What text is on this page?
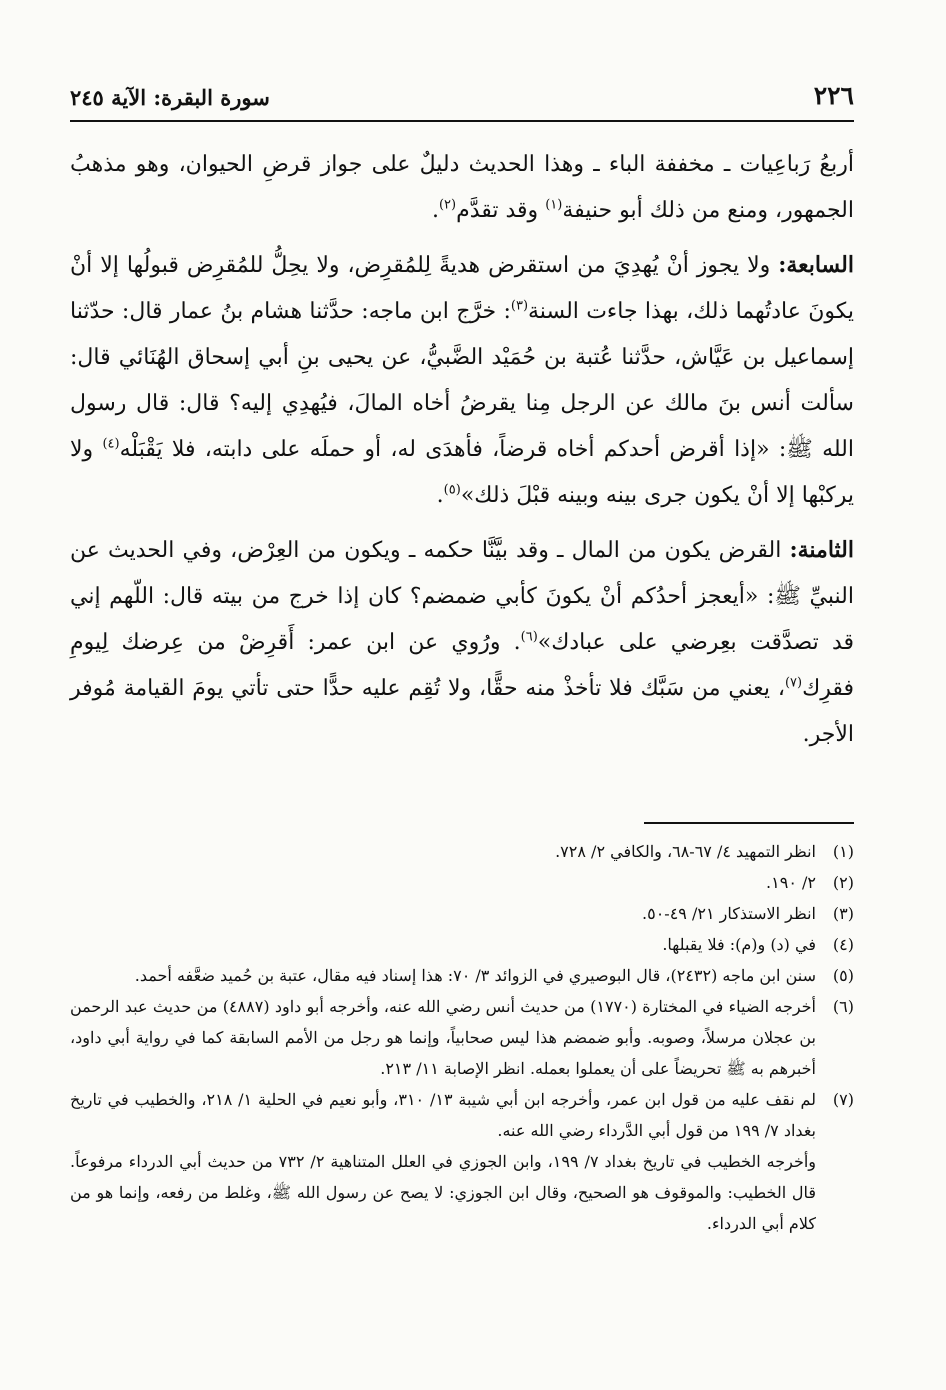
٢٢٦
سورة البقرة: الآية ٢٤٥

أربعُ رَباعِيات ـ مخففة الباء ـ وهذا الحديث دليلٌ على جواز قرضِ الحيوان، وهو مذهبُ الجمهور، ومنع من ذلك أبو حنيفة$^{(١)}$ وقد تقدَّم$^{(٢)}$.

السابعة: ولا يجوز أنْ يُهدِيَ من استقرض هديةً لِلمُقرِض، ولا يحِلُّ للمُقرِض قبولُها إلا أنْ يكونَ عادتُهما ذلك، بهذا جاءت السنة$^{(٣)}$: خرَّج ابن ماجه: حدَّثنا هشام بنُ عمار قال: حدّثنا إسماعيل بن عَيَّاش، حدَّثنا عُتبة بن حُمَيْد الضَّبيُّ، عن يحيى بنِ أبي إسحاق الهُنَائي قال: سألت أنس بنَ مالك عن الرجل مِنا يقرضُ أخاه المالَ، فيُهدِي إليه؟ قال: قال رسول الله ﷺ: «إذا أقرض أحدكم أخاه قرضاً، فأهدَى له، أو حملَه على دابته، فلا يَقْبَلْه$^{(٤)}$ ولا يركبْها إلا أنْ يكون جرى بينه وبينه قبْلَ ذلك»$^{(٥)}$.

الثامنة: القرض يكون من المال ـ وقد بيَّنَّا حكمه ـ ويكون من العِرْض، وفي الحديث عن النبيِّ ﷺ: «أيعجز أحدُكم أنْ يكونَ كأبي ضمضم؟ كان إذا خرج من بيته قال: اللّهم إني قد تصدَّقت بعِرضي على عبادك»$^{(٦)}$. ورُوي عن ابن عمر: أَقرِضْ من عِرضك لِيومِ فقرِك$^{(٧)}$، يعني من سَبَّك فلا تأخذْ منه حقًّا، ولا تُقِم عليه حدًّا حتى تأتي يومَ القيامة مُوفر الأجر.

(١)
انظر التمهيد ٤/ ٦٧-٦٨، والكافي ٢/ ٧٢٨.
(٢)
٢/ ١٩٠.
(٣)
انظر الاستذكار ٢١/ ٤٩-٥٠.
(٤)
في (د) و(م): فلا يقبلها.
(٥)
سنن ابن ماجه (٢٤٣٢)، قال البوصيري في الزوائد ٣/ ٧٠: هذا إسناد فيه مقال، عتبة بن حُميد ضعَّفه أحمد.
(٦)
أخرجه الضياء في المختارة (١٧٧٠) من حديث أنس رضي الله عنه، وأخرجه أبو داود (٤٨٨٧) من حديث عبد الرحمن بن عجلان مرسلاً، وصوبه. وأبو ضمضم هذا ليس صحابياً، وإنما هو رجل من الأمم السابقة كما في رواية أبي داود، أخبرهم به ﷺ تحريضاً على أن يعملوا بعمله. انظر الإصابة ١١/ ٢١٣.
(٧)
لم نقف عليه من قول ابن عمر، وأخرجه ابن أبي شيبة ١٣/ ٣١٠، وأبو نعيم في الحلية ١/ ٢١٨، والخطيب في تاريخ بغداد ٧/ ١٩٩ من قول أبي الدَّرداء رضي الله عنه.

وأخرجه الخطيب في تاريخ بغداد ٧/ ١٩٩، وابن الجوزي في العلل المتناهية ٢/ ٧٣٢ من حديث أبي الدرداء مرفوعاً. قال الخطيب: والموقوف هو الصحيح، وقال ابن الجوزي: لا يصح عن رسول الله ﷺ، وغلط من رفعه، وإنما هو من كلام أبي الدرداء.
